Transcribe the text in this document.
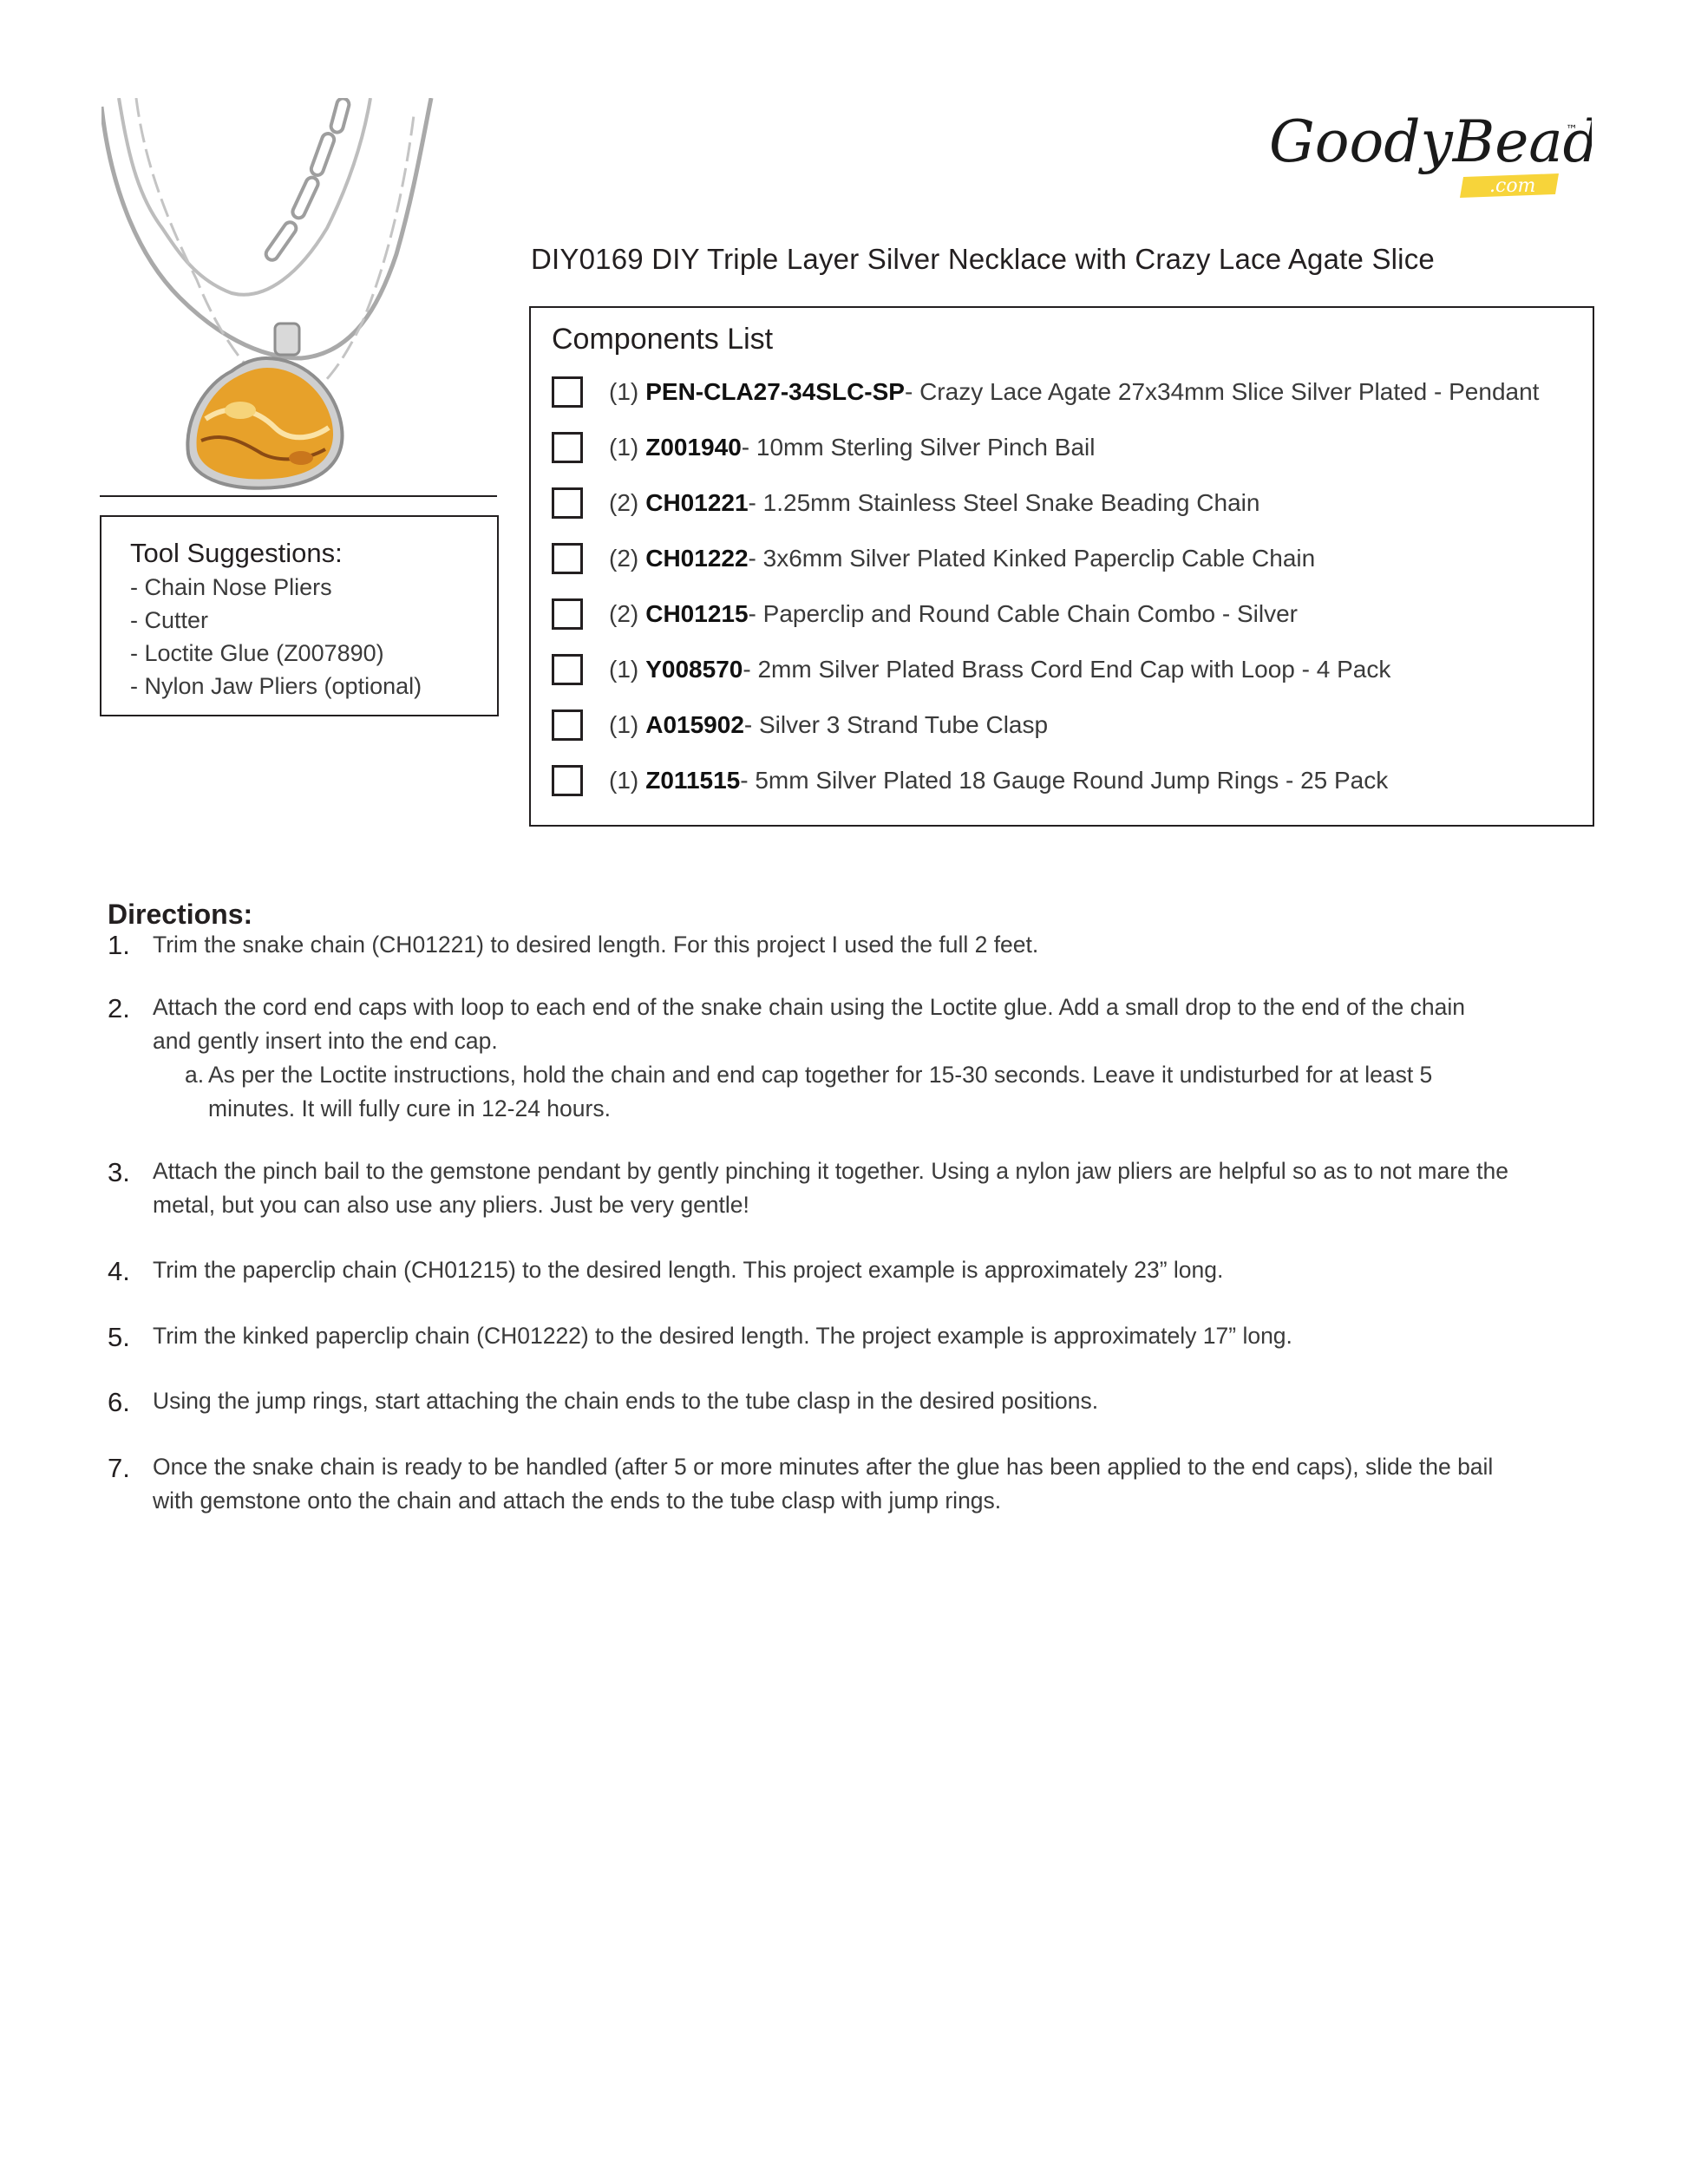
GoodyBea ™
.com
DIY0169 DIY Triple Layer Silver Necklace with Crazy Lace Agate Slice
Components List
(1) PEN-CLA27-34SLC-SP - Crazy Lace Agate 27x34mm Slice Silver Plated - Pendant
(1) Z001940 - 10mm Sterling Silver Pinch Bail
(2) CH01221 - 1.25mm Stainless Steel Snake Beading Chain
(2) CH01222 - 3x6mm Silver Plated Kinked Paperclip Cable Chain
(2) CH01215 - Paperclip and Round Cable Chain Combo - Silver
(1) Y008570 - 2mm Silver Plated Brass Cord End Cap with Loop - 4 Pack
(1) A015902 - Silver 3 Strand Tube Clasp
(1) Z011515 - 5mm Silver Plated 18 Gauge Round Jump Rings - 25 Pack
Tool Suggestions:
- Chain Nose Pliers
- Cutter
- Loctite Glue (Z007890)
- Nylon Jaw Pliers (optional)
Directions:
1. Trim the snake chain (CH01221) to desired length. For this project I used the full 2 feet.
2. Attach the cord end caps with loop to each end of the snake chain using the Loctite glue. Add a small drop to the end of the chain
and gently insert into the end cap.
a. As per the Loctite instructions, hold the chain and end cap together for 15-30 seconds. Leave it undisturbed for at least 5
minutes. It will fully cure in 12-24 hours.
3. Attach the pinch bail to the gemstone pendant by gently pinching it together. Using a nylon jaw pliers are helpful so as to not mare the
metal, but you can also use any pliers. Just be very gentle!
4. Trim the paperclip chain (CH01215) to the desired length. This project example is approximately 23” long.
5. Trim the kinked paperclip chain (CH01222) to the desired length. The project example is approximately 17” long.
6. Using the jump rings, start attaching the chain ends to the tube clasp in the desired positions.
7. Once the snake chain is ready to be handled (after 5 or more minutes after the glue has been applied to the end caps), slide the bail
with gemstone onto the chain and attach the ends to the tube clasp with jump rings.
